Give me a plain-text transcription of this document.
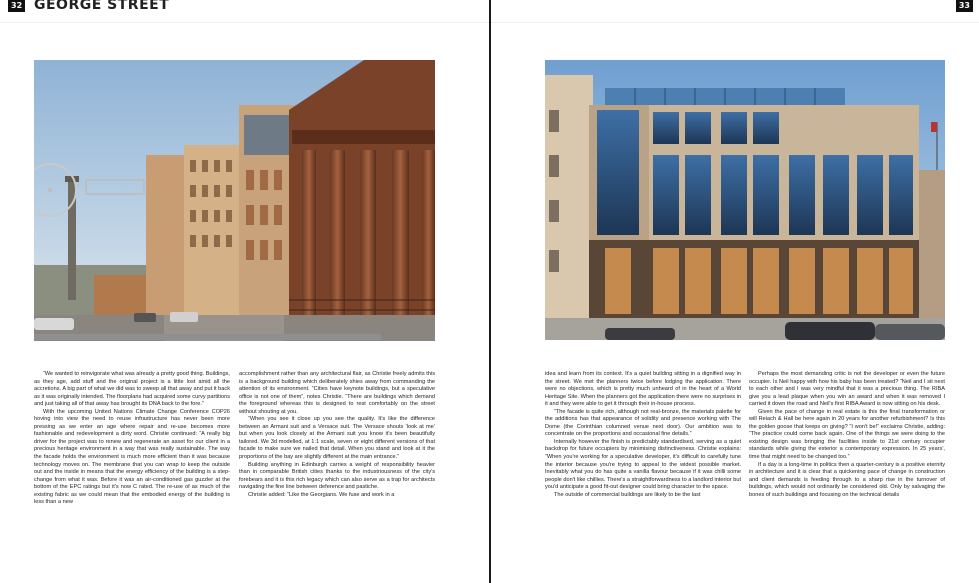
32 GEORGE STREET

“We wanted to reinvigorate what was already a pretty good thing. Buildings, as they age, add stuff and the original project is a little lost amid all the accretions. A big part of what we did was to sweep all that away and put it back as it was originally intended. The floorplans had acquired some curvy partitions and just taking all of that away has brought its DNA back to the fore.”

With the upcoming United Nations Climate Change Conference COP26 hoving into view the need to reuse infrastructure has never been more pressing as we enter an age where repair and re-use becomes more fashionable and redevelopment a dirty word. Christie continued: “A really big driver for the project was to renew and regenerate an asset for our client in a precious heritage environment in a way that was really sustainable. The way the facade holds the environment is much more efficient than it was because technology moves on. The membrane that you can wrap to keep the outside out and the inside in means that the energy efficiency of the building is a step-change from what it was. Before it was an air-conditioned gas guzzler at the bottom of the EPC ratings but it's now C rated. The re-use of as much of the existing fabric as we could mean that the embodied energy of the building is less than a new

accomplishment rather than any architectural flair, as Christie freely admits this is a background building which deliberately shies away from commanding the attention of its environment. “Cities have keynote buildings, but a speculative office is not one of them”, notes Christie. “There are buildings which demand the foreground whereas this is designed to rest comfortably on the street without shouting at you.

“When you see it close up you see the quality. It's like the difference between an Armani suit and a Versace suit. The Versace shouts ‘look at me’ but when you look closely at the Armani suit you know it's been beautifully tailored. We 3d modelled, at 1:1 scale, seven or eight different versions of that facade to make sure we nailed that detail. When you stand and look at it the proportions of the bay are slightly different at the main entrance.”

Building anything in Edinburgh carries a weight of responsibility heavier than in comparable British cities thanks to the industriousness of the city's forebears and it is this rich legacy which can also serve as a trap for architects navigating the fine line between deference and pastiche.

Christie added: “Like the Georgians. We fuse and work in a

33

idea and learn from its context. It's a quiet building sitting in a dignified way in the street. We met the planners twice before lodging the application. There were no objections, which is pretty much unheard of in the heart of a World Heritage Site. When the planners got the application there were no surprises in it and they were able to get it through their in-house process.

“The facade is quite rich, although not real-bronze, the materials palette for the additions has that appearance of solidity and presence working with The Dome (the Corinthian columned venue next door). Our ambition was to concentrate on the proportions and occasional fine details.”

Internally however the finish is predictably standardised, serving as a quiet backdrop for future occupiers by minimising distinctiveness. Christie explains: “When you're working for a speculative developer, it's difficult to carefully tune the interior because you're trying to appeal to the widest possible market. Inevitably what you do has quite a vanilla flavour because if it was chilli some people don't like chillies. There's a straightforwardness to a landlord interior but you'd anticipate a good fit-out designer could bring character to the space.

The outside of commercial buildings are likely to be the last

Perhaps the most demanding critic is not the developer or even the future occupier. Is Neil happy with how his baby has been treated? “Neil and I sit next to each other and I was very mindful that it was a precious thing. The RIBA give you a lead plaque when you win an award and when it was removed I carried it down the road and Neil's first RIBA Award is now sitting on his desk.

Given the pace of change in real estate is this the final transformation or will Reiach & Hall be here again in 20 years for another refurbishment? Is this the golden goose that keeps on giving? “I won't be!” exclaims Christie, adding: “The practice could come back again. One of the things we were doing to the existing design was bringing the facilities inside to 21st century occupier standards while giving the exterior a contemporary expression. In 25 years', time that might need to be changed too.”

If a day is a long-time in politics then a quarter-century is a positive eternity in architecture and it is clear that a quickening pace of change in construction and client demands is feeding through to a sharp rise in the turnover of buildings, which would not ordinarily be considered old. Only by salvaging the bones of such buildings and focusing on the technical details
